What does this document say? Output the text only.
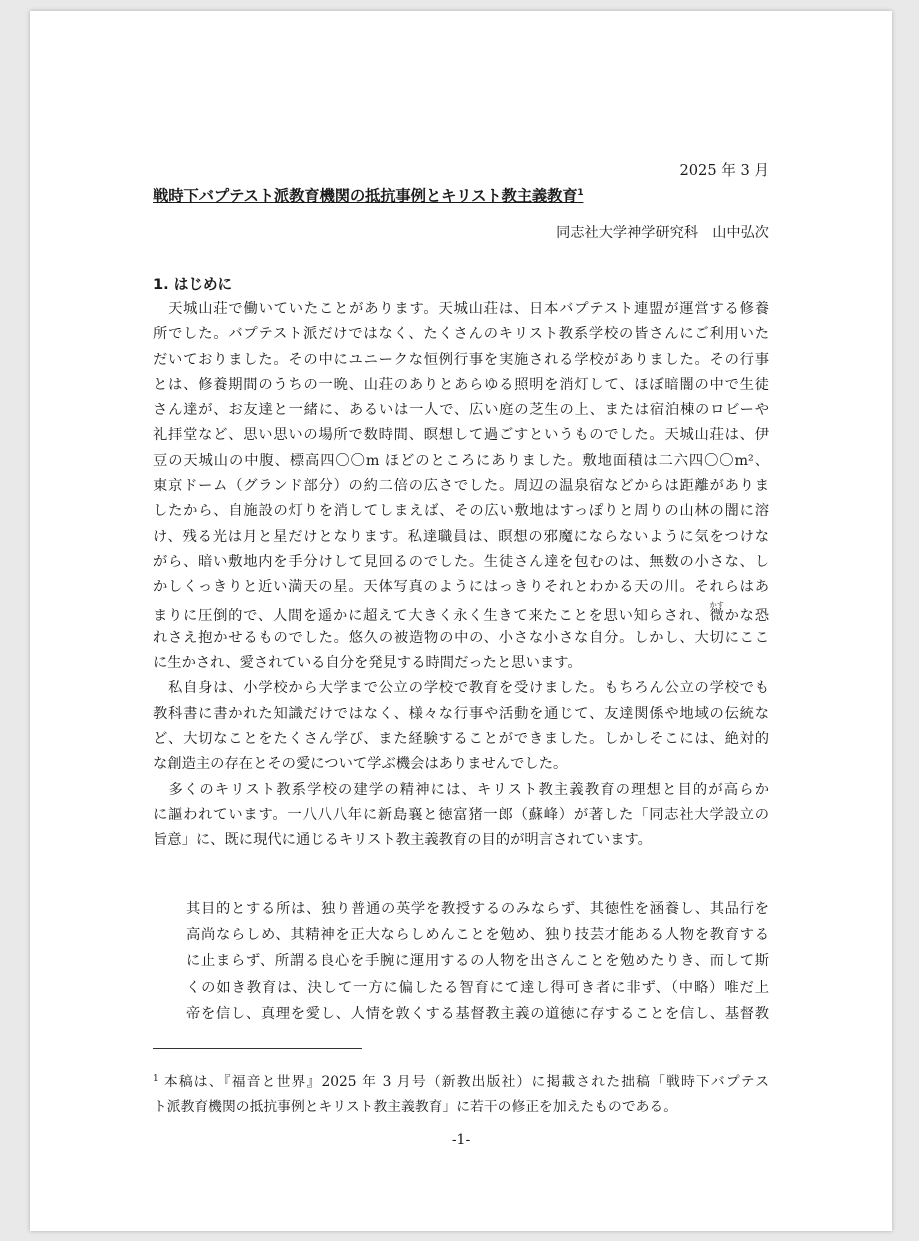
2025 年 3 月
戦時下バプテスト派教育機関の抵抗事例とキリスト教主義教育$^1$
同志社大学神学研究科　山中弘次
1. はじめに
　天城山荘で働いていたことがあります。天城山荘は、日本バプテスト連盟が運営する修養
所でした。バプテスト派だけではなく、たくさんのキリスト教系学校の皆さんにご利用いた
だいておりました。その中にユニークな恒例行事を実施される学校がありました。その行事
とは、修養期間のうちの一晩、山荘のありとあらゆる照明を消灯して、ほぼ暗闇の中で生徒
さん達が、お友達と一緒に、あるいは一人で、広い庭の芝生の上、または宿泊棟のロビーや
礼拝堂など、思い思いの場所で数時間、瞑想して過ごすというものでした。天城山荘は、伊
豆の天城山の中腹、標高四〇〇m ほどのところにありました。敷地面積は二六四〇〇m²、
東京ドーム（グランド部分）の約二倍の広さでした。周辺の温泉宿などからは距離がありま
したから、自施設の灯りを消してしまえば、その広い敷地はすっぽりと周りの山林の闇に溶
け、残る光は月と星だけとなります。私達職員は、瞑想の邪魔にならないように気をつけな
がら、暗い敷地内を手分けして見回るのでした。生徒さん達を包むのは、無数の小さな、し
かしくっきりと近い満天の星。天体写真のようにはっきりそれとわかる天の川。それらはあ
まりに圧倒的で、人間を遥かに超えて大きく永く生きて来たことを思い知らされ、微かすかな恐
れさえ抱かせるものでした。悠久の被造物の中の、小さな小さな自分。しかし、大切にここ
に生かされ、愛されている自分を発見する時間だったと思います。
　私自身は、小学校から大学まで公立の学校で教育を受けました。もちろん公立の学校でも
教科書に書かれた知識だけではなく、様々な行事や活動を通じて、友達関係や地域の伝統な
ど、大切なことをたくさん学び、また経験することができました。しかしそこには、絶対的
な創造主の存在とその愛について学ぶ機会はありませんでした。
　多くのキリスト教系学校の建学の精神には、キリスト教主義教育の理想と目的が高らか
に謳われています。一八八八年に新島襄と徳富猪一郎（蘇峰）が著した「同志社大学設立の
旨意」に、既に現代に通じるキリスト教主義教育の目的が明言されています。
其目的とする所は、独り普通の英学を教授するのみならず、其徳性を涵養し、其品行を
高尚ならしめ、其精神を正大ならしめんことを勉め、独り技芸才能ある人物を教育する
に止まらず、所謂る良心を手腕に運用するの人物を出さんことを勉めたりき、而して斯
くの如き教育は、決して一方に偏したる智育にて達し得可き者に非ず、（中略）唯だ上
帝を信し、真理を愛し、人情を敦くする基督教主義の道徳に存することを信し、基督教
$^1$ 本稿は、『福音と世界』2025 年 3 月号（新教出版社）に掲載された拙稿「戦時下バプテス
ト派教育機関の抵抗事例とキリスト教主義教育」に若干の修正を加えたものである。
-1-
